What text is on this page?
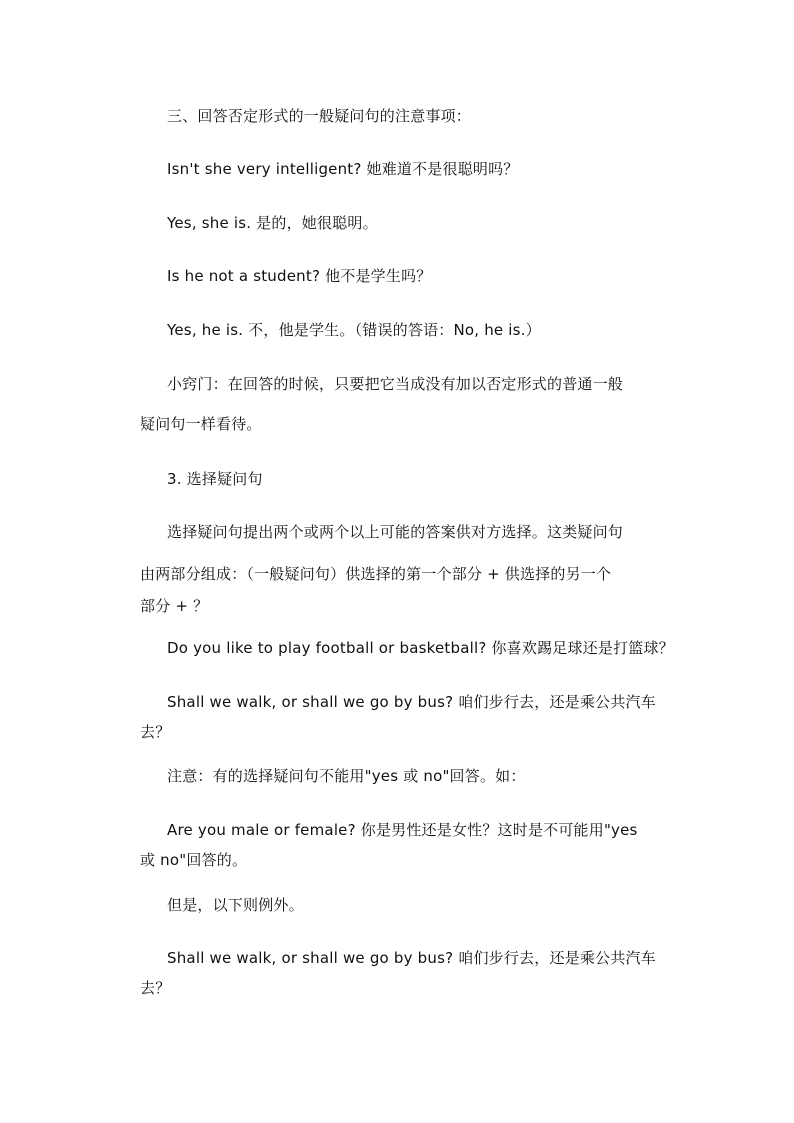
三、回答否定形式的一般疑问句的注意事项：

Isn't she very intelligent? 她难道不是很聪明吗？

Yes, she is. 是的，她很聪明。

Is he not a student? 他不是学生吗？

Yes, he is. 不，他是学生。（错误的答语：No, he is.）

小窍门：在回答的时候，只要把它当成没有加以否定形式的普通一般

疑问句一样看待。

3. 选择疑问句

选择疑问句提出两个或两个以上可能的答案供对方选择。这类疑问句

由两部分组成：（一般疑问句）供选择的第一个部分 + 供选择的另一个

部分 + ？

Do you like to play football or basketball? 你喜欢踢足球还是打篮球？

Shall we walk, or shall we go by bus? 咱们步行去，还是乘公共汽车

去？

注意：有的选择疑问句不能用"yes 或 no"回答。如：

Are you male or female? 你是男性还是女性？这时是不可能用"yes

或 no"回答的。

但是，以下则例外。

Shall we walk, or shall we go by bus? 咱们步行去，还是乘公共汽车

去？
